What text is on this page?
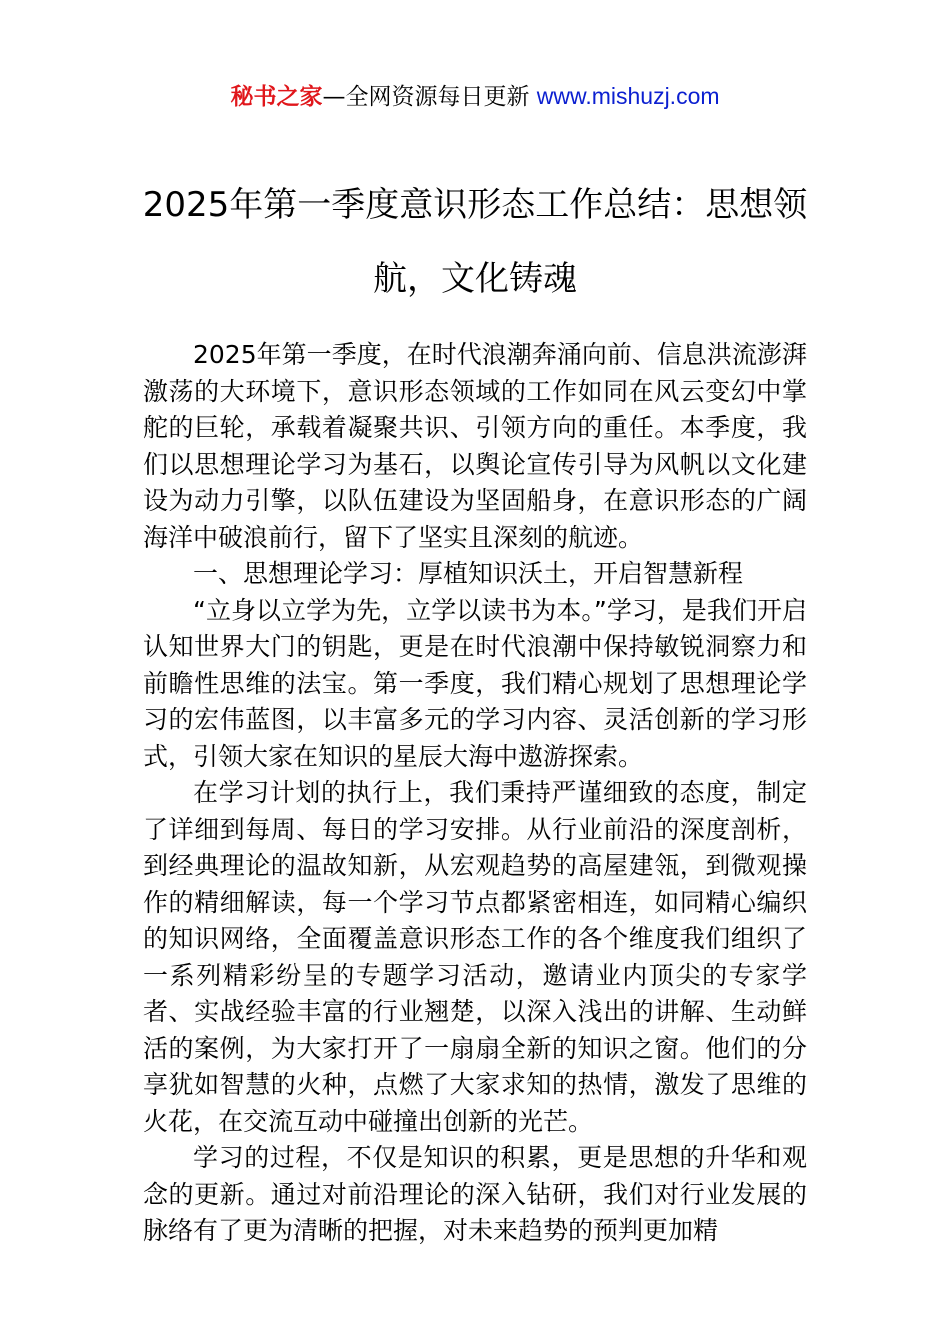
秘书之家—全网资源每日更新 www.mishuzj.com
2025年第一季度意识形态工作总结：思想领航，文化铸魂

2025年第一季度，在时代浪潮奔涌向前、信息洪流澎湃激荡的大环境下，意识形态领域的工作如同在风云变幻中掌舵的巨轮，承载着凝聚共识、引领方向的重任。本季度，我们以思想理论学习为基石，以舆论宣传引导为风帆以文化建设为动力引擎，以队伍建设为坚固船身，在意识形态的广阔海洋中破浪前行，留下了坚实且深刻的航迹。

一、思想理论学习：厚植知识沃土，开启智慧新程

“立身以立学为先，立学以读书为本。”学习，是我们开启认知世界大门的钥匙，更是在时代浪潮中保持敏锐洞察力和前瞻性思维的法宝。第一季度，我们精心规划了思想理论学习的宏伟蓝图，以丰富多元的学习内容、灵活创新的学习形式，引领大家在知识的星辰大海中遨游探索。

在学习计划的执行上，我们秉持严谨细致的态度，制定了详细到每周、每日的学习安排。从行业前沿的深度剖析，到经典理论的温故知新，从宏观趋势的高屋建瓴，到微观操作的精细解读，每一个学习节点都紧密相连，如同精心编织的知识网络，全面覆盖意识形态工作的各个维度我们组织了一系列精彩纷呈的专题学习活动，邀请业内顶尖的专家学者、实战经验丰富的行业翘楚，以深入浅出的讲解、生动鲜活的案例，为大家打开了一扇扇全新的知识之窗。他们的分享犹如智慧的火种，点燃了大家求知的热情，激发了思维的火花，在交流互动中碰撞出创新的光芒。

学习的过程，不仅是知识的积累，更是思想的升华和观念的更新。通过对前沿理论的深入钻研，我们对行业发展的脉络有了更为清晰的把握，对未来趋势的预判更加精
